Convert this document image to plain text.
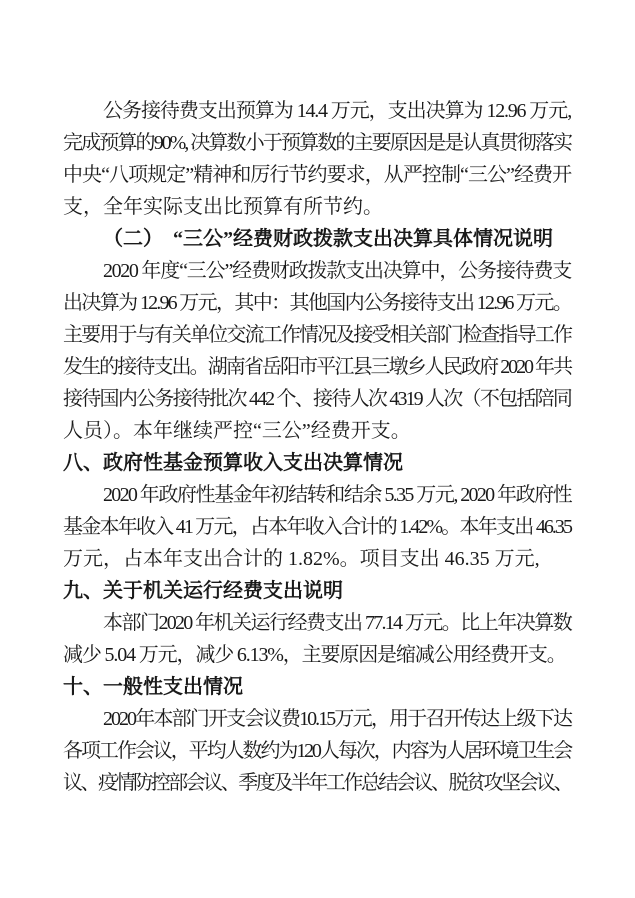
公务接待费支出预算为 14.4 万元，支出决算为 12.96 万元,
完成预算的90%, 决算数小于预算数的主要原因是是认真贯彻落实
中央“八项规定”精神和厉行节约要求，从严控制“三公”经费开
支，全年实际支出比预算有所节约。
（二）　“三公”经费财政拨款支出决算具体情况说明
2020 年度“三公”经费财政拨款支出决算中，公务接待费支
出决算为 12.96 万元，其中：其他国内公务接待支出 12.96 万元。
主要用于与有关单位交流工作情况及接受相关部门检查指导工作
发生的接待支出。湖南省岳阳市平江县三墩乡人民政府 2020 年共
接待国内公务接待批次 442 个、接待人次 4319 人次（不包括陪同
人员）。本年继续严控“三公”经费开支。
八、政府性基金预算收入支出决算情况
2020 年政府性基金年初结转和结余 5.35 万元, 2020 年政府性
基金本年收入 41 万元，占本年收入合计的 1.42%。本年支出 46.35
万元，占本年支出合计的 1.82%。项目支出 46.35 万元,
九、关于机关运行经费支出说明
本部门2020 年机关运行经费支出 77.14 万元。比上年决算数
减少 5.04 万元，减少 6.13%，主要原因是缩减公用经费开支。
十、一般性支出情况
2020年本部门开支会议费10.15万元，用于召开传达上级下达
各项工作会议，平均人数约为120人每次，内容为人居环境卫生会
议、疫情防控部会议、季度及半年工作总结会议、脱贫攻坚会议、
